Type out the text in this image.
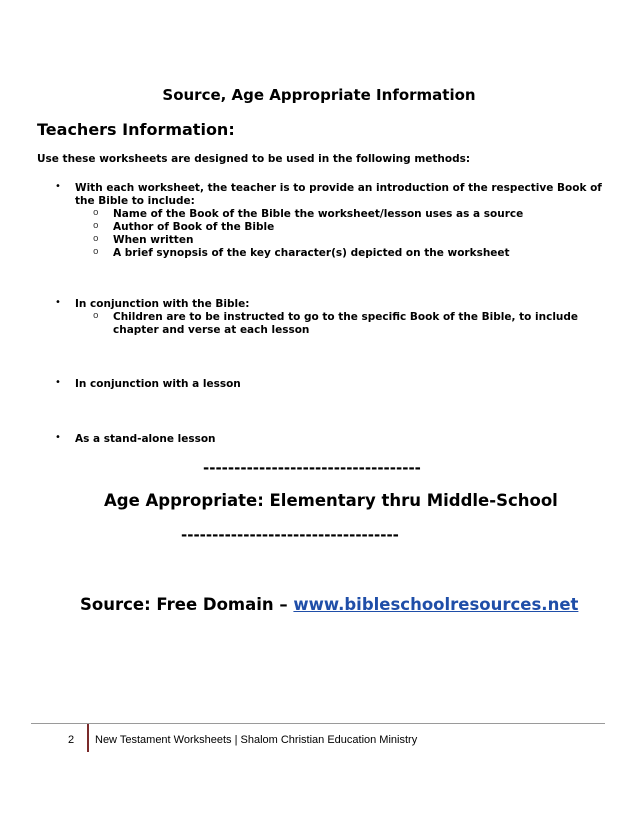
Source, Age Appropriate Information
Teachers Information:
Use these worksheets are designed to be used in the following methods:
• With each worksheet, the teacher is to provide an introduction of the respective Book of
the Bible to include:
o Name of the Book of the Bible the worksheet/lesson uses as a source
o Author of Book of the Bible
o When written
o A brief synopsis of the key character(s) depicted on the worksheet
• In conjunction with the Bible:
o Children are to be instructed to go to the specific Book of the Bible, to include
chapter and verse at each lesson
• In conjunction with a lesson
• As a stand-alone lesson
-----------------------------------
Age Appropriate: Elementary thru Middle-School
-----------------------------------
Source: Free Domain – www.bibleschoolresources.net
2 New Testament Worksheets | Shalom Christian Education Ministry
